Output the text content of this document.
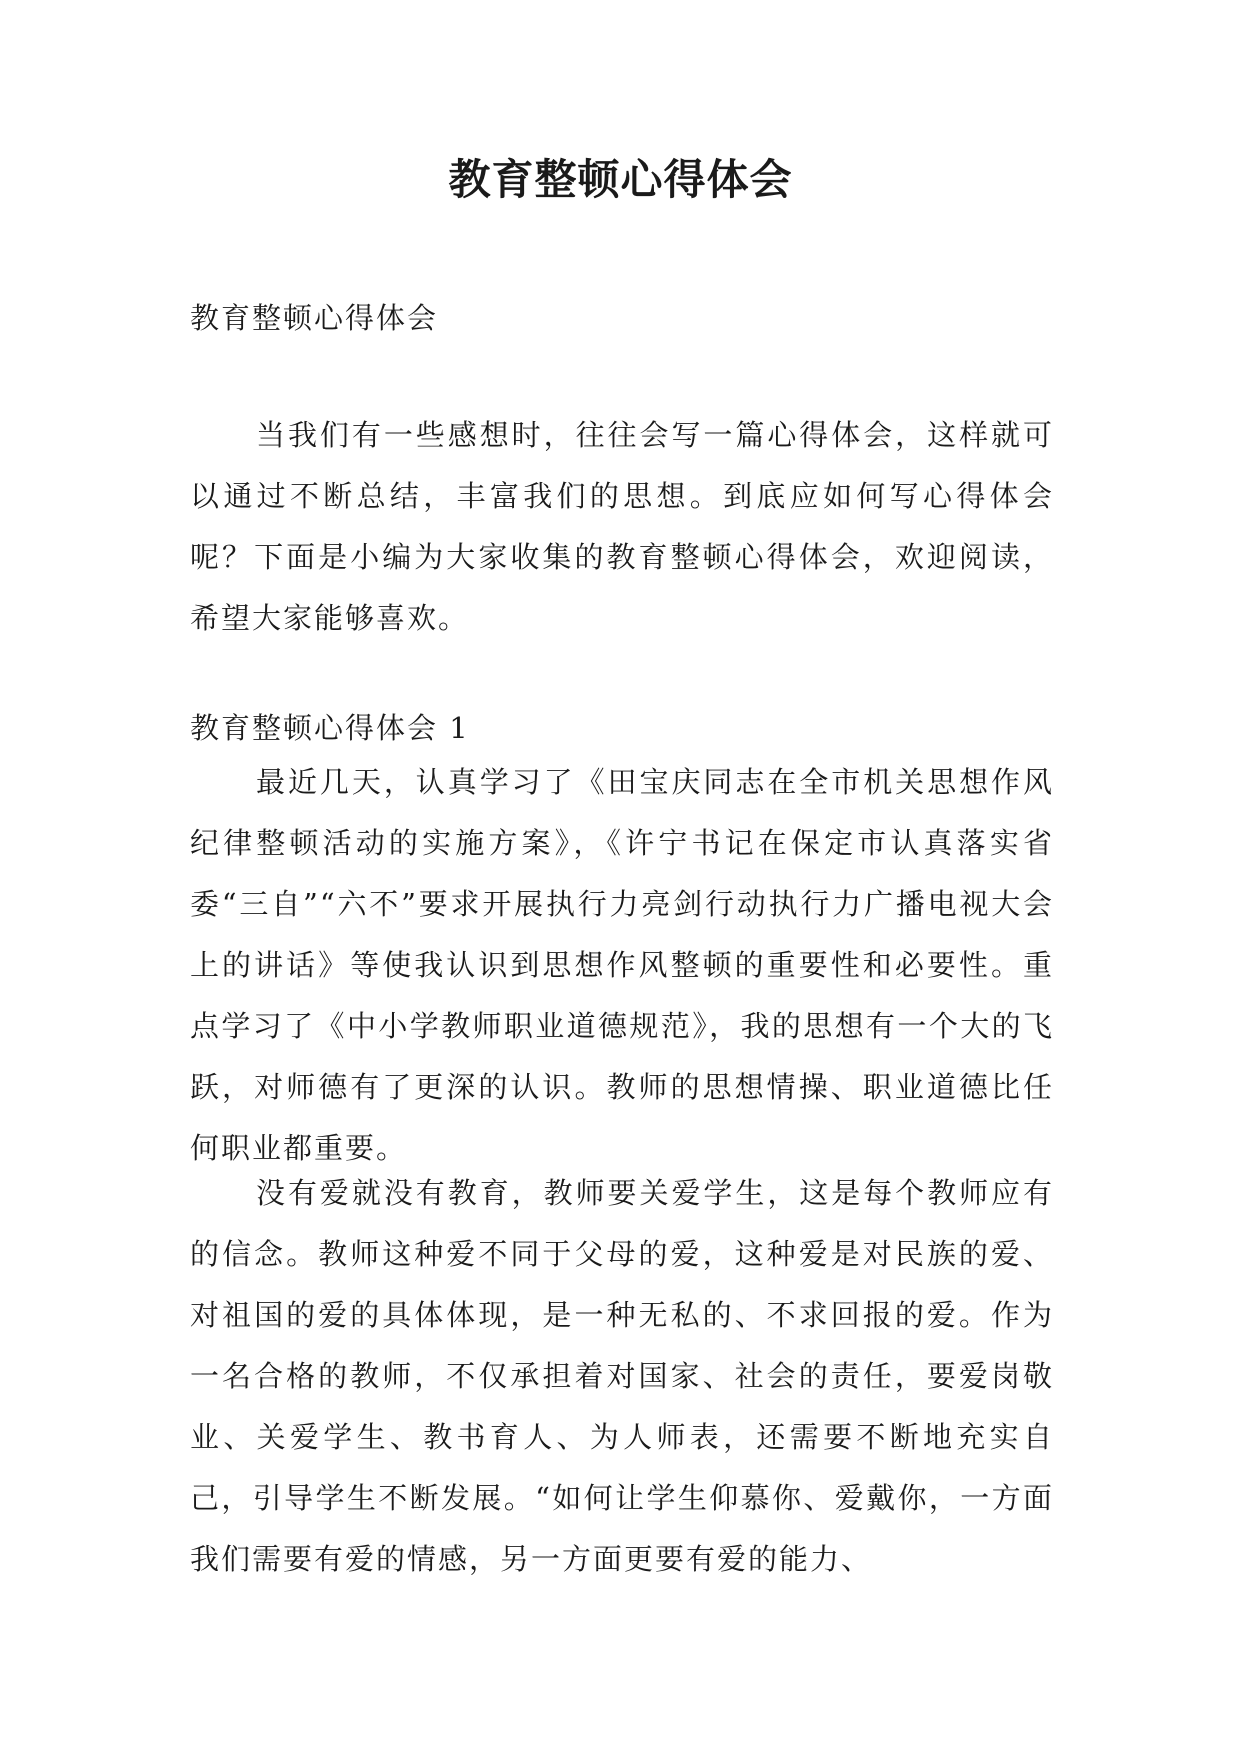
教育整顿心得体会

教育整顿心得体会

当我们有一些感想时，往往会写一篇心得体会，这样就可以通过不断总结，丰富我们的思想。到底应如何写心得体会呢？下面是小编为大家收集的教育整顿心得体会，欢迎阅读，希望大家能够喜欢。

教育整顿心得体会 1

最近几天，认真学习了《田宝庆同志在全市机关思想作风纪律整顿活动的实施方案》，《许宁书记在保定市认真落实省委“三自”“六不”要求开展执行力亮剑行动执行力广播电视大会上的讲话》等使我认识到思想作风整顿的重要性和必要性。重点学习了《中小学教师职业道德规范》，我的思想有一个大的飞跃，对师德有了更深的认识。教师的思想情操、职业道德比任何职业都重要。

没有爱就没有教育，教师要关爱学生，这是每个教师应有的信念。教师这种爱不同于父母的爱，这种爱是对民族的爱、对祖国的爱的具体体现，是一种无私的、不求回报的爱。作为一名合格的教师，不仅承担着对国家、社会的责任，要爱岗敬业、关爱学生、教书育人、为人师表，还需要不断地充实自己，引导学生不断发展。“如何让学生仰慕你、爱戴你，一方面我们需要有爱的情感，另一方面更要有爱的能力、
